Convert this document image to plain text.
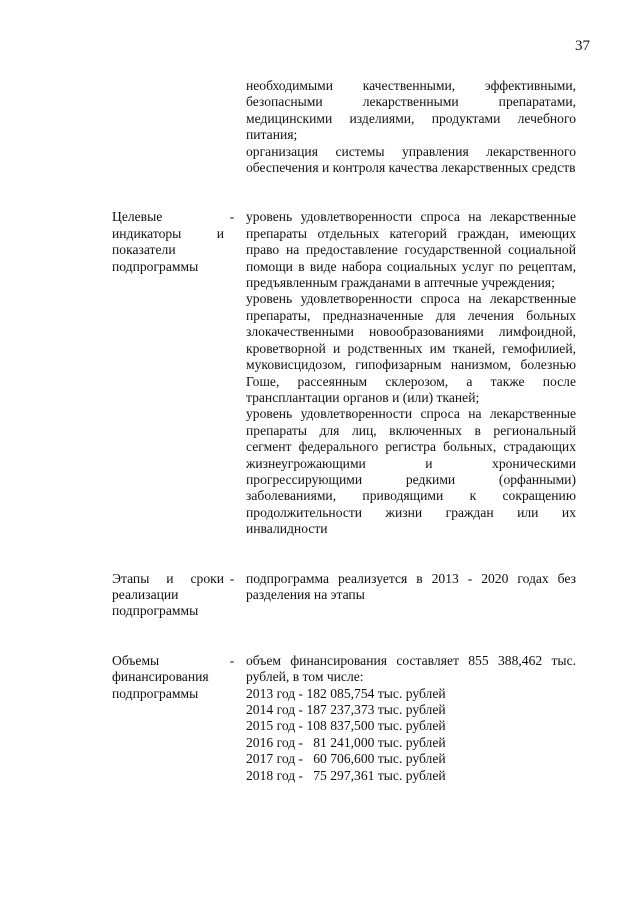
37

необходимыми качественными, эффективными, безопасными лекарственными препаратами, медицинскими изделиями, продуктами лечебного питания;

организация системы управления лекарственного обеспечения и контроля качества лекарственных средств

Целевые индикаторы и показатели подпрограммы
- уровень удовлетворенности спроса на лекарственные препараты отдельных категорий граждан, имеющих право на предоставление государственной социальной помощи в виде набора социальных услуг по рецептам, предъявленным гражданами в аптечные учреждения;

уровень удовлетворенности спроса на лекарственные препараты, предназначенные для лечения больных злокачественными новообразованиями лимфоидной, кроветворной и родственных им тканей, гемофилией, муковисцидозом, гипофизарным нанизмом, болезнью Гоше, рассеянным склерозом, а также после трансплантации органов и (или) тканей;

уровень удовлетворенности спроса на лекарственные препараты для лиц, включенных в региональный сегмент федерального регистра больных, страдающих жизнеугрожающими и хроническими прогрессирующими редкими (орфанными) заболеваниями, приводящими к сокращению продолжительности жизни граждан или их инвалидности

Этапы и сроки реализации подпрограммы
- подпрограмма реализуется в 2013 - 2020 годах без разделения на этапы

Объемы финансирования подпрограммы
- объем финансирования составляет 855 388,462 тыс. рублей, в том числе:

2013 год - 182 085,754 тыс. рублей

2014 год - 187 237,373 тыс. рублей

2015 год - 108 837,500 тыс. рублей

2016 год -   81 241,000 тыс. рублей

2017 год -   60 706,600 тыс. рублей

2018 год -   75 297,361 тыс. рублей
